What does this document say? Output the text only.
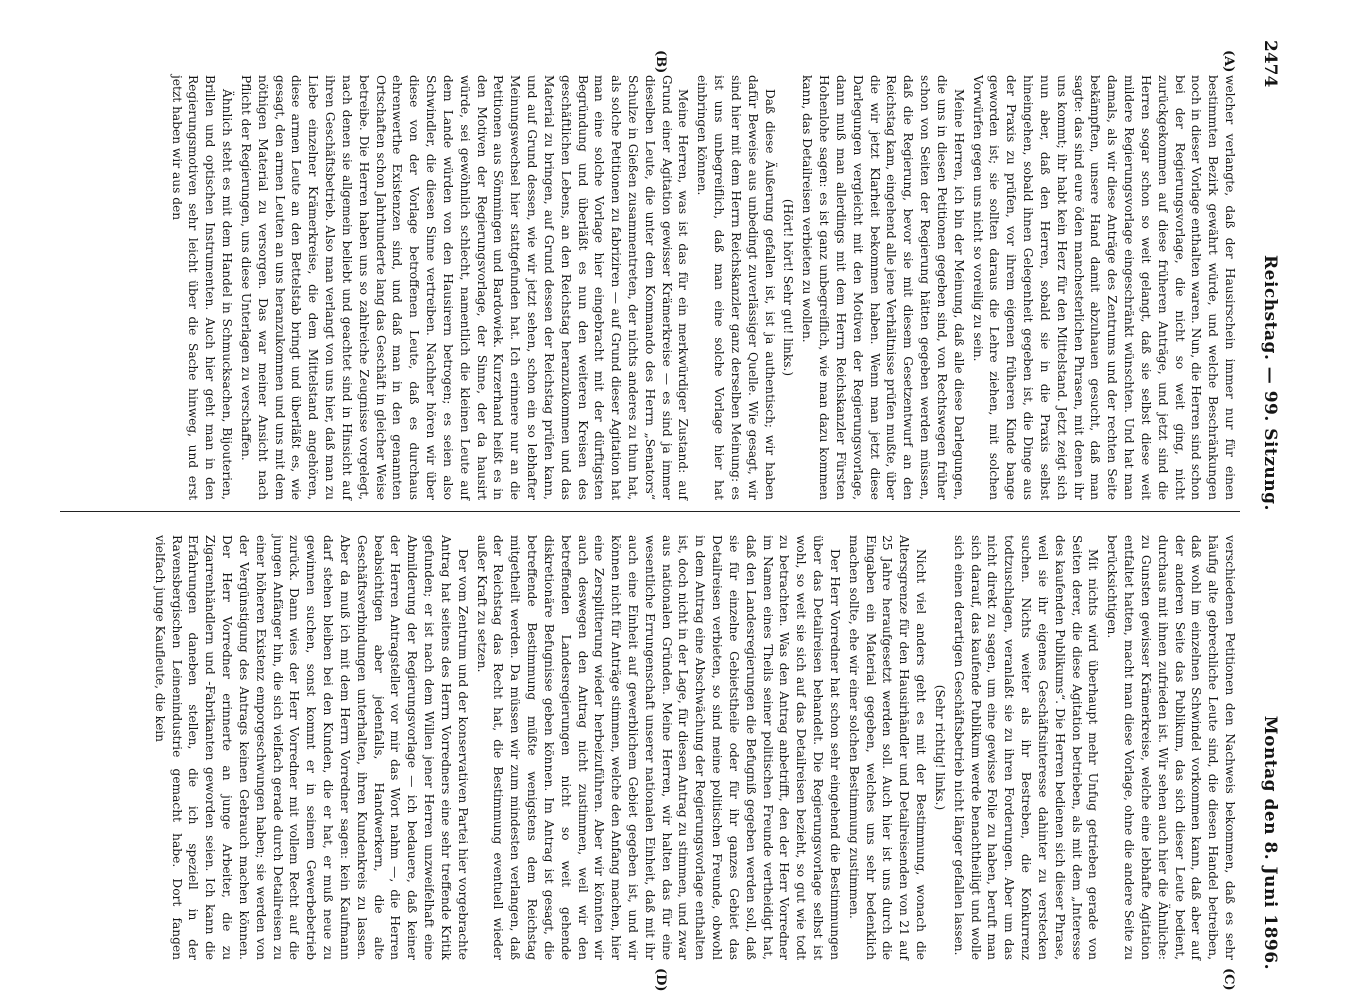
2474
Reichstag. — 99. Sitzung.
Montag den 8. Juni 1896.
(A)
(B)
(C)
(D)

welcher verlangte, daß der Hausirschein immer nur für einen bestimmten Bezirk gewährt würde, und welche Beschränkungen noch in dieser Vorlage enthalten waren. Nun, die Herren sind schon bei der Regierungsvorlage, die nicht so weit ging, nicht zurückgekommen auf diese früheren Anträge, und jetzt sind die Herren sogar schon so weit gelangt, daß sie selbst diese weit mildere Regierungsvorlage eingeschränkt wünschten. Und hat man damals, als wir diese Anträge des Zentrums und der rechten Seite bekämpften, unsere Hand damit abzuhauen gesucht, daß man sagte: das sind eure öden manchesterlichen Phrasen, mit denen ihr uns kommt; ihr habt kein Herz für den Mittelstand. Jetzt zeigt sich nun aber, daß den Herren, sobald sie in die Praxis selbst hineingehen, sobald ihnen Gelegenheit gegeben ist, die Dinge aus der Praxis zu prüfen, vor ihrem eigenen früheren Kinde bange geworden ist; sie sollten daraus die Lehre ziehen, mit solchen Vorwürfen gegen uns nicht so voreilig zu sein.

Meine Herren, ich bin der Meinung, daß alle diese Darlegungen, die uns in diesen Petitionen gegeben sind, von Rechtswegen früher schon von Seiten der Regierung hätten gegeben werden müssen, daß die Regierung, bevor sie mit diesem Gesetzentwurf an den Reichstag kam, eingehend alle jene Verhältnisse prüfen mußte, über die wir jetzt Klarheit bekommen haben. Wenn man jetzt diese Darlegungen vergleicht mit den Motiven der Regierungsvorlage, dann muß man allerdings mit dem Herrn Reichskanzler Fürsten Hohenlohe sagen: es ist ganz unbegreiflich, wie man dazu kommen kann, das Detailreisen verbieten zu wollen.

(Hört! hört! Sehr gut! links.)

Daß diese Äußerung gefallen ist, ist ja authentisch; wir haben dafür Beweise aus unbedingt zuverlässiger Quelle. Wie gesagt, wir sind hier mit dem Herrn Reichskanzler ganz derselben Meinung: es ist uns unbegreiflich, daß man eine solche Vorlage hier hat einbringen können.

Meine Herren, was ist das für ein merkwürdiger Zustand: auf Grund einer Agitation gewisser Krämerkreise — es sind ja immer dieselben Leute, die unter dem Kommando des Herrn „Senators“ Schulze in Gießen zusammentreten, der nichts anderes zu thun hat, als solche Petitionen zu fabriziren — auf Grund dieser Agitation hat man eine solche Vorlage hier eingebracht mit der dürftigsten Begründung und überläßt es nun den weiteren Kreisen des geschäftlichen Lebens, an den Reichstag heranzukommen und das Material zu bringen, auf Grund dessen der Reichstag prüfen kann, und auf Grund dessen, wie wir jetzt sehen, schon ein so lebhafter Meinungswechsel hier stattgefunden hat. Ich erinnere nur an die Petitionen aus Sömmingen und Bardowiek. Kurzerhand heißt es in den Motiven der Regierungsvorlage, der Sinne, der da hausirt würde, sei gewöhnlich schlecht, namentlich die kleinen Leute auf dem Lande würden von den Hausirern betrogen; es seien also Schwindler, die diesen Sinne vertreiben. Nachher hören wir über diese von der Vorlage betroffenen Leute, daß es durchaus ehrenwerthe Existenzen sind, und daß man in den genannten Ortschaften schon Jahrhunderte lang das Geschäft in gleicher Weise betreibe. Die Herren haben uns so zahlreiche Zeugnisse vorgelegt, nach denen sie allgemein beliebt und geachtet sind in Hinsicht auf ihren Geschäftsbetrieb. Also man verlangt von uns hier, daß man zu Liebe einzelner Krämerkreise, die dem Mittelstand angehören, diese armen Leute an den Bettelstab bringt und überläßt es, wie gesagt, den armen Leuten an uns heranzukommen und uns mit dem nöthigen Material zu versorgen. Das war meiner Ansicht nach Pflicht der Regierungen, uns diese Unterlagen zu verschaffen.

Ähnlich steht es mit dem Handel in Schmucksachen, Bijouterien, Brillen und optischen Instrumenten. Auch hier geht man in den Regierungsmotiven sehr leicht über die Sache hinweg, und erst jetzt haben wir aus den

verschiedenen Petitionen den Nachweis bekommen, daß es sehr häufig alte gebrechliche Leute sind, die diesen Handel betreiben, daß wohl im einzelnen Schwindel vorkommen kann, daß aber auf der anderen Seite das Publikum, das sich dieser Leute bedient, durchaus mit ihnen zufrieden ist. Wir sehen auch hier die Ähnliche: zu Gunsten gewisser Krämerkreise, welche eine lebhafte Agitation entfaltet hatten, macht man diese Vorlage, ohne die andere Seite zu berücksichtigen.

Mit nichts wird überhaupt mehr Unfug getrieben gerade von Seiten derer, die diese Agitation betrieben, als mit dem „Interesse des kaufenden Publikums“. Die Herren bedienen sich dieser Phrase, weil sie ihr eigenes Geschäftsinteresse dahinter zu verstecken suchen. Nichts weiter als ihr Bestreben, die Konkurrenz todtzuschlagen, veranlaßt sie zu ihren Forderungen. Aber um das nicht direkt zu sagen, um eine gewisse Folie zu haben, beruft man sich darauf, das kaufende Publikum werde benachtheiligt und wolle sich einen derartigen Geschäftsbetrieb nicht länger gefallen lassen.

(Sehr richtig! links.)

Nicht viel anders geht es mit der Bestimmung, wonach die Altersgrenze für den Hausirhändler und Detailreisenden von 21 auf 25 Jahre heraufgesetzt werden soll. Auch hier ist uns durch die Eingaben ein Material gegeben, welches uns sehr bedenklich machen sollte, ehe wir einer solchen Bestimmung zustimmen.

Der Herr Vorredner hat schon sehr eingehend die Bestimmungen über das Detailreisen behandelt. Die Regierungsvorlage selbst ist wohl, so weit sie sich auf das Detailreisen bezieht, so gut wie todt zu betrachten. Was den Antrag anbetrifft, den der Herr Vorredner im Namen eines Theils seiner politischen Freunde vertheidigt hat, daß den Landesregierungen die Befugniß gegeben werden soll, daß sie für einzelne Gebietstheile oder für ihr ganzes Gebiet das Detailreisen verbieten, so sind meine politischen Freunde, obwohl in dem Antrag eine Abschwächung der Regierungsvorlage enthalten ist, doch nicht in der Lage, für diesen Antrag zu stimmen, und zwar aus nationalen Gründen. Meine Herren, wir halten das für eine wesentliche Errungenschaft unserer nationalen Einheit, daß mit ihr auch eine Einheit auf gewerblichem Gebiet gegeben ist, und wir können nicht für Anträge stimmen, welche den Anfang machen, hier eine Zersplitterung wieder herbeizuführen. Aber wir könnten wir auch deswegen den Antrag nicht zustimmen, weil wir den betreffenden Landesregierungen nicht so weit gehende diskretionäre Befugnisse geben können. Im Antrag ist gesagt, die betreffende Bestimmung müßte wenigstens dem Reichstag mitgetheilt werden. Da müssen wir zum mindesten verlangen, daß der Reichstag das Recht hat, die Bestimmung eventuell wieder außer Kraft zu setzen.

Der vom Zentrum und der konservativen Partei hier vorgebrachte Antrag hat seitens des Herrn Vorredners eine sehr treffende Kritik gefunden; er ist nach dem Willen jener Herren unzweifelhaft eine Abmilderung der Regierungsvorlage — ich bedauere, daß keiner der Herren Antragsteller vor mir das Wort nahm —, die Herren beabsichtigen aber jedenfalls, Handwerkern, die alte Geschäftsverbindungen unterhalten, ihren Kundenkreis zu lassen. Aber da muß ich mit dem Herrn Vorredner sagen: kein Kaufmann darf stehen bleiben bei den Kunden, die er hat, er muß neue zu gewinnen suchen, sonst kommt er in seinem Gewerbebetrieb zurück. Dann wies der Herr Vorredner mit vollem Recht auf die jungen Anfänger hin, die sich vielfach gerade durch Detailreisen zu einer höheren Existenz emporgeschwungen haben; sie werden von der Vergünstigung des Antrags keinen Gebrauch machen können. Der Herr Vorredner erinnerte an junge Arbeiter, die zu Zigarrenhändlern und -Fabrikanten geworden seien. Ich kann die Erfahrungen daneben stellen, die ich speziell in der Ravensbergischen Leinenindustrie gemacht habe. Dort fangen vielfach junge Kaufleute, die kein
